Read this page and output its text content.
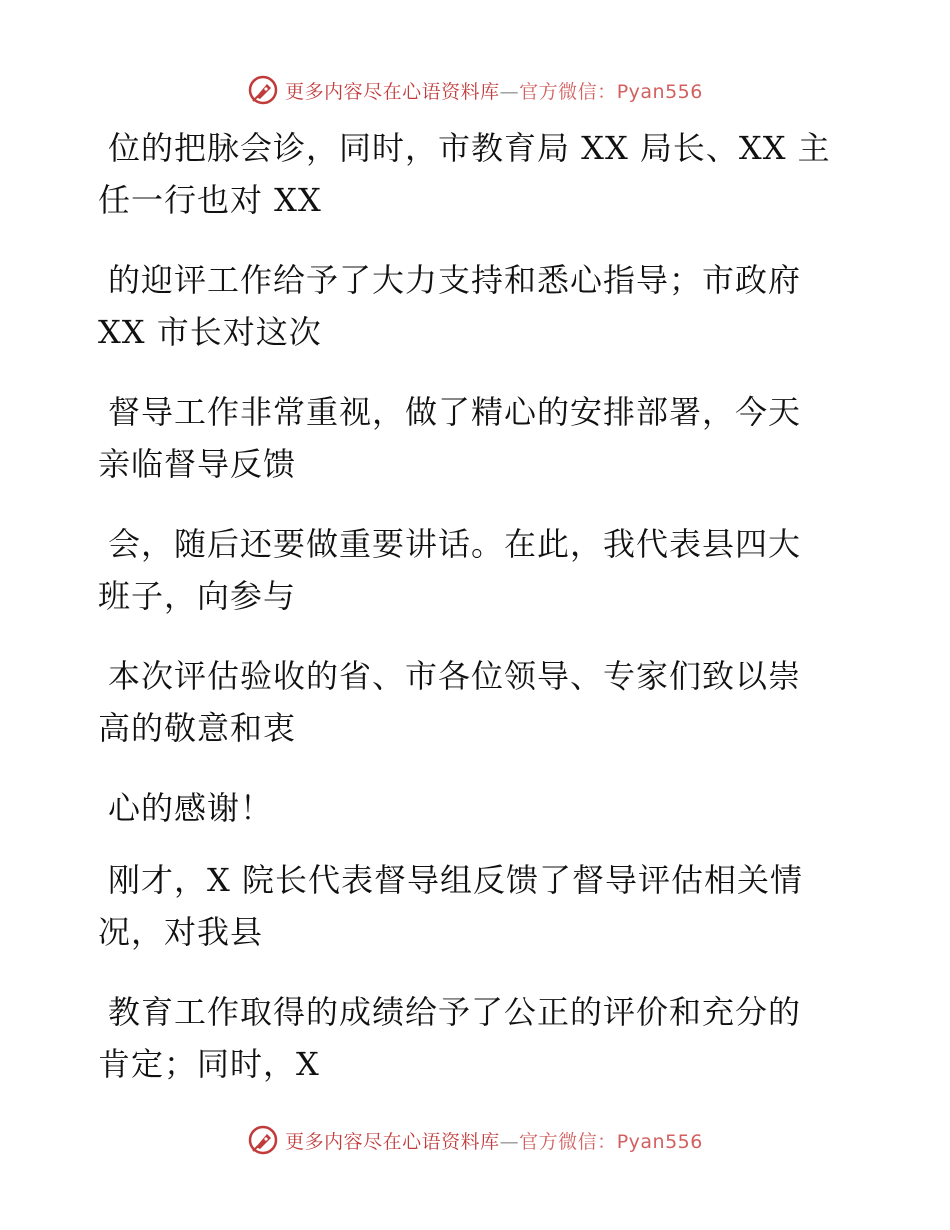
更多内容尽在心语资料库—官方微信：Pyan556
位的把脉会诊，同时，市教育局 XX 局长、XX 主
任一行也对 XX
的迎评工作给予了大力支持和悉心指导；市政府
XX 市长对这次
督导工作非常重视，做了精心的安排部署，今天
亲临督导反馈
会，随后还要做重要讲话。在此，我代表县四大
班子，向参与
本次评估验收的省、市各位领导、专家们致以崇
高的敬意和衷
心的感谢！
刚才，X 院长代表督导组反馈了督导评估相关情
况，对我县
教育工作取得的成绩给予了公正的评价和充分的
肯定；同时，X
更多内容尽在心语资料库—官方微信：Pyan556
